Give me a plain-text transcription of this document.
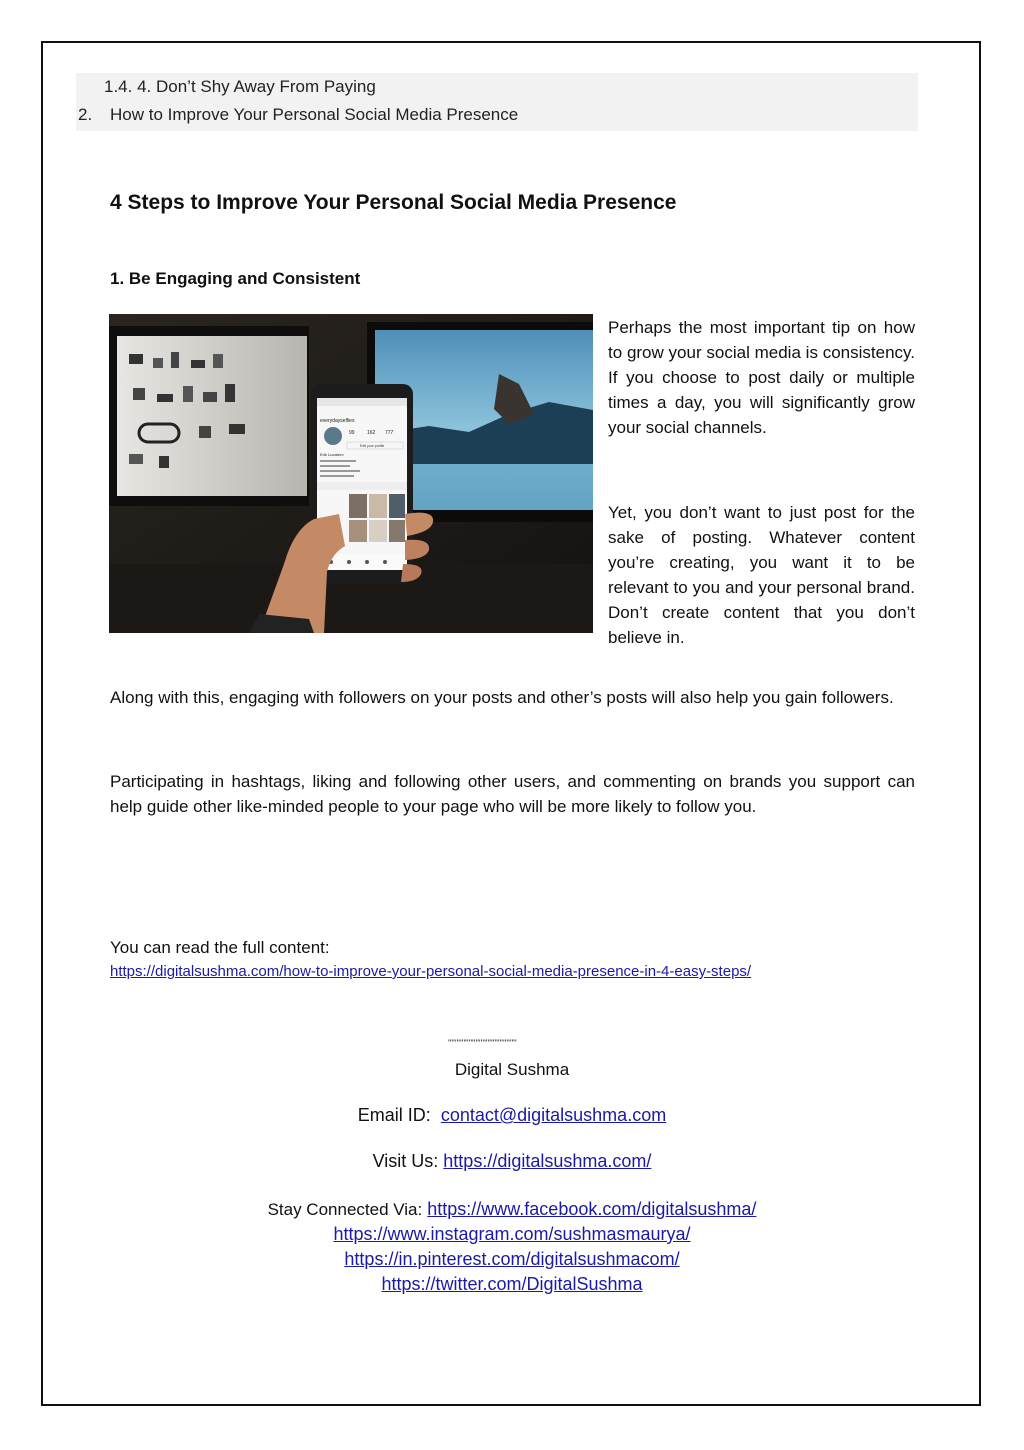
1.4. 4. Don’t Shy Away From Paying
2. How to Improve Your Personal Social Media Presence
4 Steps to Improve Your Personal Social Media Presence
1. Be Engaging and Consistent
everydayselfies
99 162 777
Edit your profile
Erik Lucatero

Perhaps the most important tip on how to grow your social media is consistency. If you choose to post daily or multiple times a day, you will significantly grow your social channels.

Yet, you don’t want to just post for the sake of posting. Whatever content you’re creating, you want it to be relevant to you and your personal brand. Don’t create content that you don’t believe in.

Along with this, engaging with followers on your posts and other’s posts will also help you gain followers.

Participating in hashtags, liking and following other users, and commenting on brands you support can help guide other like-minded people to your page who will be more likely to follow you.

You can read the full content:
https://digitalsushma.com/how-to-improve-your-personal-social-media-presence-in-4-easy-steps/
''''''''''''''''''''''''''''''''''''''''
Digital Sushma
Email ID: contact@digitalsushma.com
Visit Us: https://digitalsushma.com/
Stay Connected Via: https://www.facebook.com/digitalsushma/
https://www.instagram.com/sushmasmaurya/
https://in.pinterest.com/digitalsushmacom/
https://twitter.com/DigitalSushma
